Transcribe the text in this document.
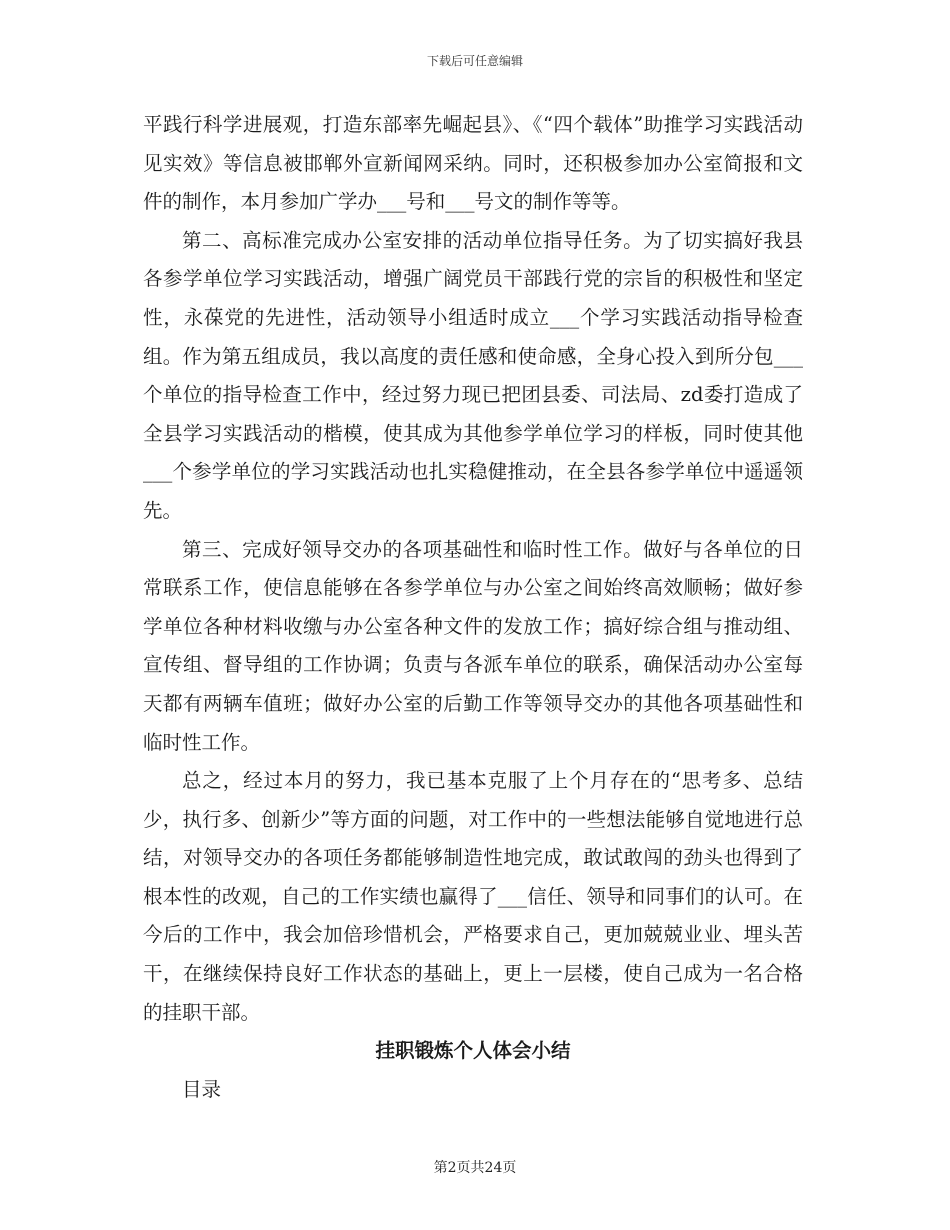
下载后可任意编辑

平践行科学进展观，打造东部率先崛起县》、《“四个载体”助推学习实践活动见实效》等信息被邯郸外宣新闻网采纳。同时，还积极参加办公室简报和文件的制作，本月参加广学办___号和___号文的制作等等。

第二、高标准完成办公室安排的活动单位指导任务。为了切实搞好我县各参学单位学习实践活动，增强广阔党员干部践行党的宗旨的积极性和坚定性，永葆党的先进性，活动领导小组适时成立___个学习实践活动指导检查组。作为第五组成员，我以高度的责任感和使命感，全身心投入到所分包___个单位的指导检查工作中，经过努力现已把团县委、司法局、zd委打造成了全县学习实践活动的楷模，使其成为其他参学单位学习的样板，同时使其他___个参学单位的学习实践活动也扎实稳健推动，在全县各参学单位中遥遥领先。

第三、完成好领导交办的各项基础性和临时性工作。做好与各单位的日常联系工作，使信息能够在各参学单位与办公室之间始终高效顺畅；做好参学单位各种材料收缴与办公室各种文件的发放工作；搞好综合组与推动组、宣传组、督导组的工作协调；负责与各派车单位的联系，确保活动办公室每天都有两辆车值班；做好办公室的后勤工作等领导交办的其他各项基础性和临时性工作。

总之，经过本月的努力，我已基本克服了上个月存在的“思考多、总结少，执行多、创新少”等方面的问题，对工作中的一些想法能够自觉地进行总结，对领导交办的各项任务都能够制造性地完成，敢试敢闯的劲头也得到了根本性的改观，自己的工作实绩也赢得了___信任、领导和同事们的认可。在今后的工作中，我会加倍珍惜机会，严格要求自己，更加兢兢业业、埋头苦干，在继续保持良好工作状态的基础上，更上一层楼，使自己成为一名合格的挂职干部。

挂职锻炼个人体会小结

目录

第2页共24页
